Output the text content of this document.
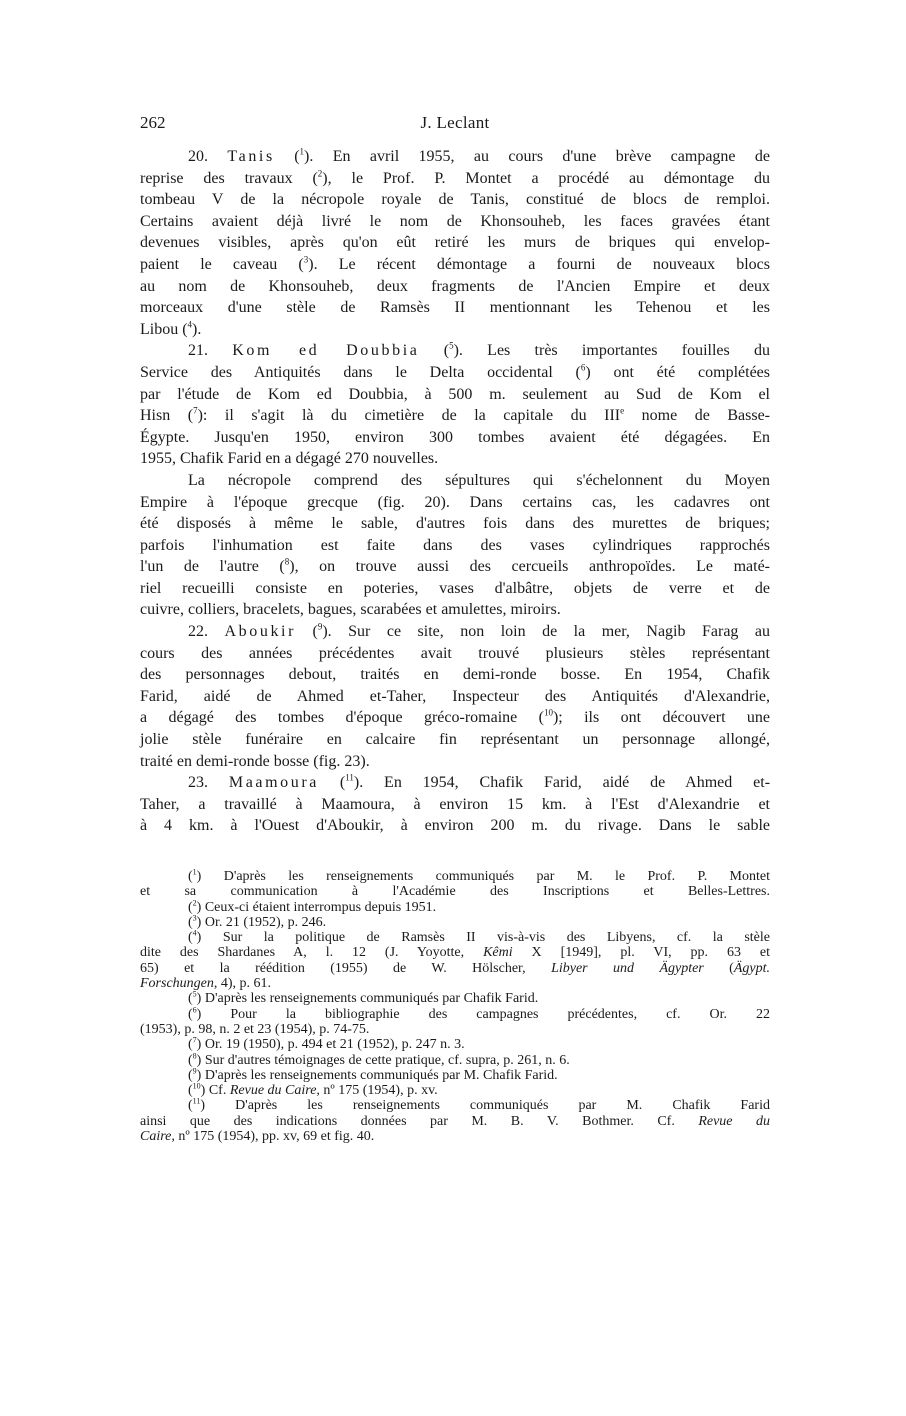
262	J. Leclant
20. Tanis ($^1$). En avril 1955, au cours d'une brève campagne de
reprise des travaux ($^2$), le Prof. P. Montet a procédé au démontage du
tombeau V de la nécropole royale de Tanis, constitué de blocs de remploi.
Certains avaient déjà livré le nom de Khonsouheb, les faces gravées étant
devenues visibles, après qu'on eût retiré les murs de briques qui envelop-
paient le caveau ($^3$). Le récent démontage a fourni de nouveaux blocs
au nom de Khonsouheb, deux fragments de l'Ancien Empire et deux
morceaux d'une stèle de Ramsès II mentionnant les Tehenou et les
Libou ($^4$).
21. Kom ed Doubbia ($^5$). Les très importantes fouilles du
Service des Antiquités dans le Delta occidental ($^6$) ont été complétées
par l'étude de Kom ed Doubbia, à 500 m. seulement au Sud de Kom el
Hisn ($^7$): il s'agit là du cimetière de la capitale du IIIe nome de Basse-
Égypte. Jusqu'en 1950, environ 300 tombes avaient été dégagées. En
1955, Chafik Farid en a dégagé 270 nouvelles.
La nécropole comprend des sépultures qui s'échelonnent du Moyen
Empire à l'époque grecque (fig. 20). Dans certains cas, les cadavres ont
été disposés à même le sable, d'autres fois dans des murettes de briques;
parfois l'inhumation est faite dans des vases cylindriques rapprochés
l'un de l'autre ($^8$), on trouve aussi des cercueils anthropoïdes. Le maté-
riel recueilli consiste en poteries, vases d'albâtre, objets de verre et de
cuivre, colliers, bracelets, bagues, scarabées et amulettes, miroirs.
22. Aboukir ($^9$). Sur ce site, non loin de la mer, Nagib Farag au
cours des années précédentes avait trouvé plusieurs stèles représentant
des personnages debout, traités en demi-ronde bosse. En 1954, Chafik
Farid, aidé de Ahmed et-Taher, Inspecteur des Antiquités d'Alexandrie,
a dégagé des tombes d'époque gréco-romaine ($^{10}$); ils ont découvert une
jolie stèle funéraire en calcaire fin représentant un personnage allongé,
traité en demi-ronde bosse (fig. 23).
23. Maamoura ($^{11}$). En 1954, Chafik Farid, aidé de Ahmed et-
Taher, a travaillé à Maamoura, à environ 15 km. à l'Est d'Alexandrie et
à 4 km. à l'Ouest d'Aboukir, à environ 200 m. du rivage. Dans le sable
($^1$) D'après les renseignements communiqués par M. le Prof. P. Montet
et sa communication à l'Académie des Inscriptions et Belles-Lettres.
($^2$) Ceux-ci étaient interrompus depuis 1951.
($^3$) Or. 21 (1952), p. 246.
($^4$) Sur la politique de Ramsès II vis-à-vis des Libyens, cf. la stèle
dite des Shardanes A, l. 12 (J. Yoyotte, Kêmi X [1949], pl. VI, pp. 63 et
65) et la réédition (1955) de W. Hölscher, Libyer und Ägypter (Ägypt.
Forschungen, 4), p. 61.
($^5$) D'après les renseignements communiqués par Chafik Farid.
($^6$) Pour la bibliographie des campagnes précédentes, cf. Or. 22
(1953), p. 98, n. 2 et 23 (1954), p. 74-75.
($^7$) Or. 19 (1950), p. 494 et 21 (1952), p. 247 n. 3.
($^8$) Sur d'autres témoignages de cette pratique, cf. supra, p. 261, n. 6.
($^9$) D'après les renseignements communiqués par M. Chafik Farid.
($^{10}$) Cf. Revue du Caire, nº 175 (1954), p. xv.
($^{11}$) D'après les renseignements communiqués par M. Chafik Farid
ainsi que des indications données par M. B. V. Bothmer. Cf. Revue du
Caire, nº 175 (1954), pp. xv, 69 et fig. 40.
